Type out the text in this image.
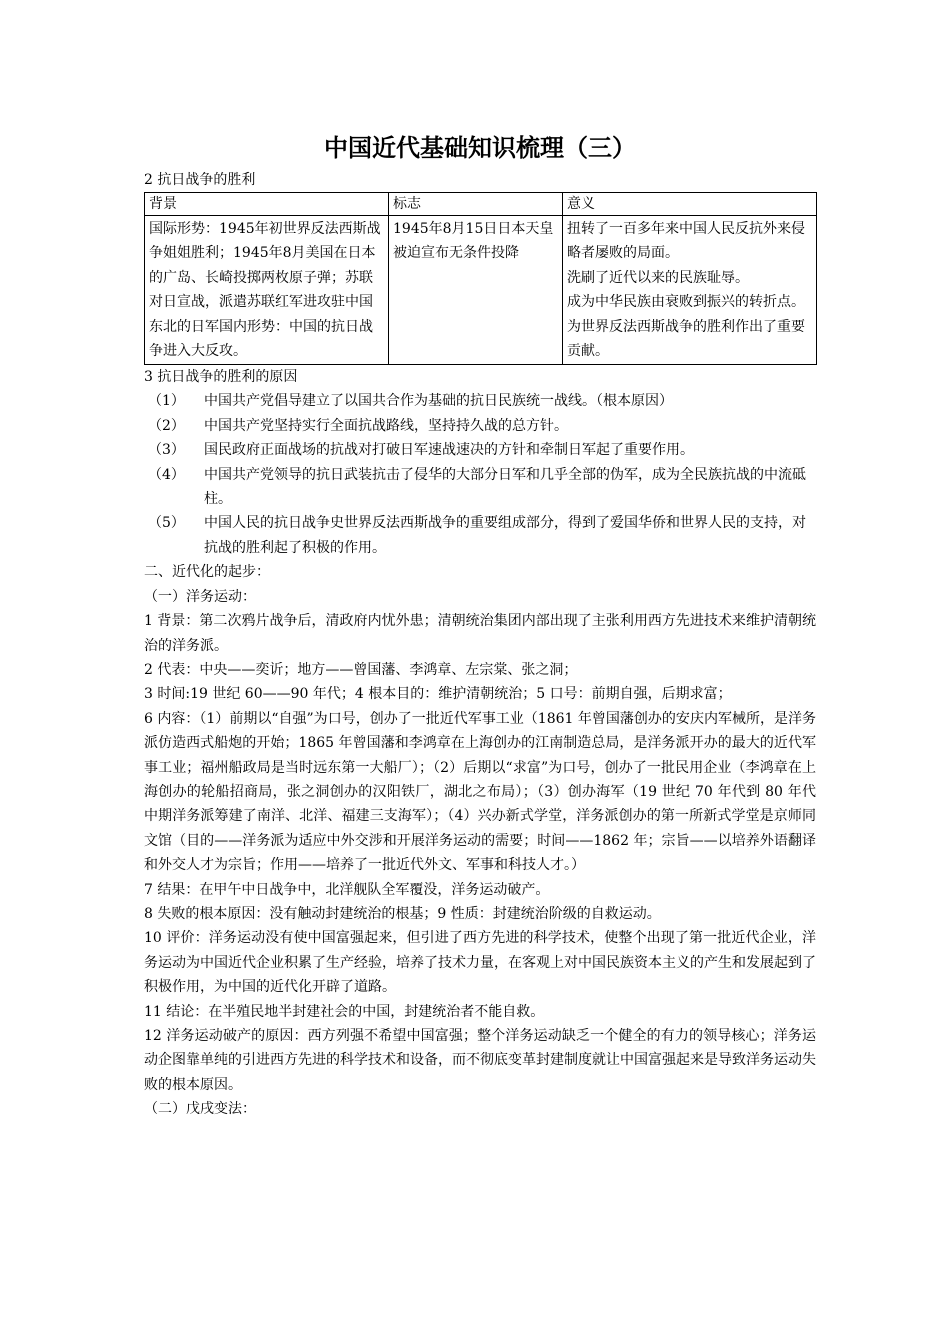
中国近代基础知识梳理（三）
2 抗日战争的胜利
背景	标志	意义
国际形势：1945年初世界反法西斯战争姐姐胜利；1945年8月美国在日本的广岛、长崎投掷两枚原子弹；苏联对日宣战，派遣苏联红军进攻驻中国东北的日军国内形势：中国的抗日战争进入大反攻。	1945年8月15日日本天皇被迫宣布无条件投降	扭转了一百多年来中国人民反抗外来侵略者屡败的局面。
洗刷了近代以来的民族耻辱。
成为中华民族由衰败到振兴的转折点。
为世界反法西斯战争的胜利作出了重要贡献。
3 抗日战争的胜利的原因
（1）	中国共产党倡导建立了以国共合作为基础的抗日民族统一战线。（根本原因）
（2）	中国共产党坚持实行全面抗战路线，坚持持久战的总方针。
（3）	国民政府正面战场的抗战对打破日军速战速决的方针和牵制日军起了重要作用。
（4）	中国共产党领导的抗日武装抗击了侵华的大部分日军和几乎全部的伪军，成为全民族抗战的中流砥柱。
（5）	中国人民的抗日战争史世界反法西斯战争的重要组成部分，得到了爱国华侨和世界人民的支持，对抗战的胜利起了积极的作用。
二、近代化的起步：
（一）洋务运动：
1 背景：第二次鸦片战争后，清政府内忧外患；清朝统治集团内部出现了主张利用西方先进技术来维护清朝统治的洋务派。
2 代表：中央——奕䜣；地方——曾国藩、李鸿章、左宗棠、张之洞；
3 时间:19 世纪 60——90 年代；4 根本目的：维护清朝统治；5 口号：前期自强，后期求富；
6 内容：（1）前期以“自强”为口号，创办了一批近代军事工业（1861 年曾国藩创办的安庆内军械所，是洋务派仿造西式船炮的开始；1865 年曾国藩和李鸿章在上海创办的江南制造总局，是洋务派开办的最大的近代军事工业；福州船政局是当时远东第一大船厂）；（2）后期以“求富”为口号，创办了一批民用企业（李鸿章在上海创办的轮船招商局，张之洞创办的汉阳铁厂，湖北之布局）；（3）创办海军（19 世纪 70 年代到 80 年代中期洋务派筹建了南洋、北洋、福建三支海军）；（4）兴办新式学堂，洋务派创办的第一所新式学堂是京师同文馆（目的——洋务派为适应中外交涉和开展洋务运动的需要；时间——1862 年；宗旨——以培养外语翻译和外交人才为宗旨；作用——培养了一批近代外文、军事和科技人才。）
7 结果：在甲午中日战争中，北洋舰队全军覆没，洋务运动破产。
8 失败的根本原因：没有触动封建统治的根基；9 性质：封建统治阶级的自救运动。
10 评价：洋务运动没有使中国富强起来，但引进了西方先进的科学技术，使整个出现了第一批近代企业，洋务运动为中国近代企业积累了生产经验，培养了技术力量，在客观上对中国民族资本主义的产生和发展起到了积极作用，为中国的近代化开辟了道路。
11 结论：在半殖民地半封建社会的中国，封建统治者不能自救。
12 洋务运动破产的原因：西方列强不希望中国富强；整个洋务运动缺乏一个健全的有力的领导核心；洋务运动企图靠单纯的引进西方先进的科学技术和设备，而不彻底变革封建制度就让中国富强起来是导致洋务运动失败的根本原因。
（二）戊戌变法：
